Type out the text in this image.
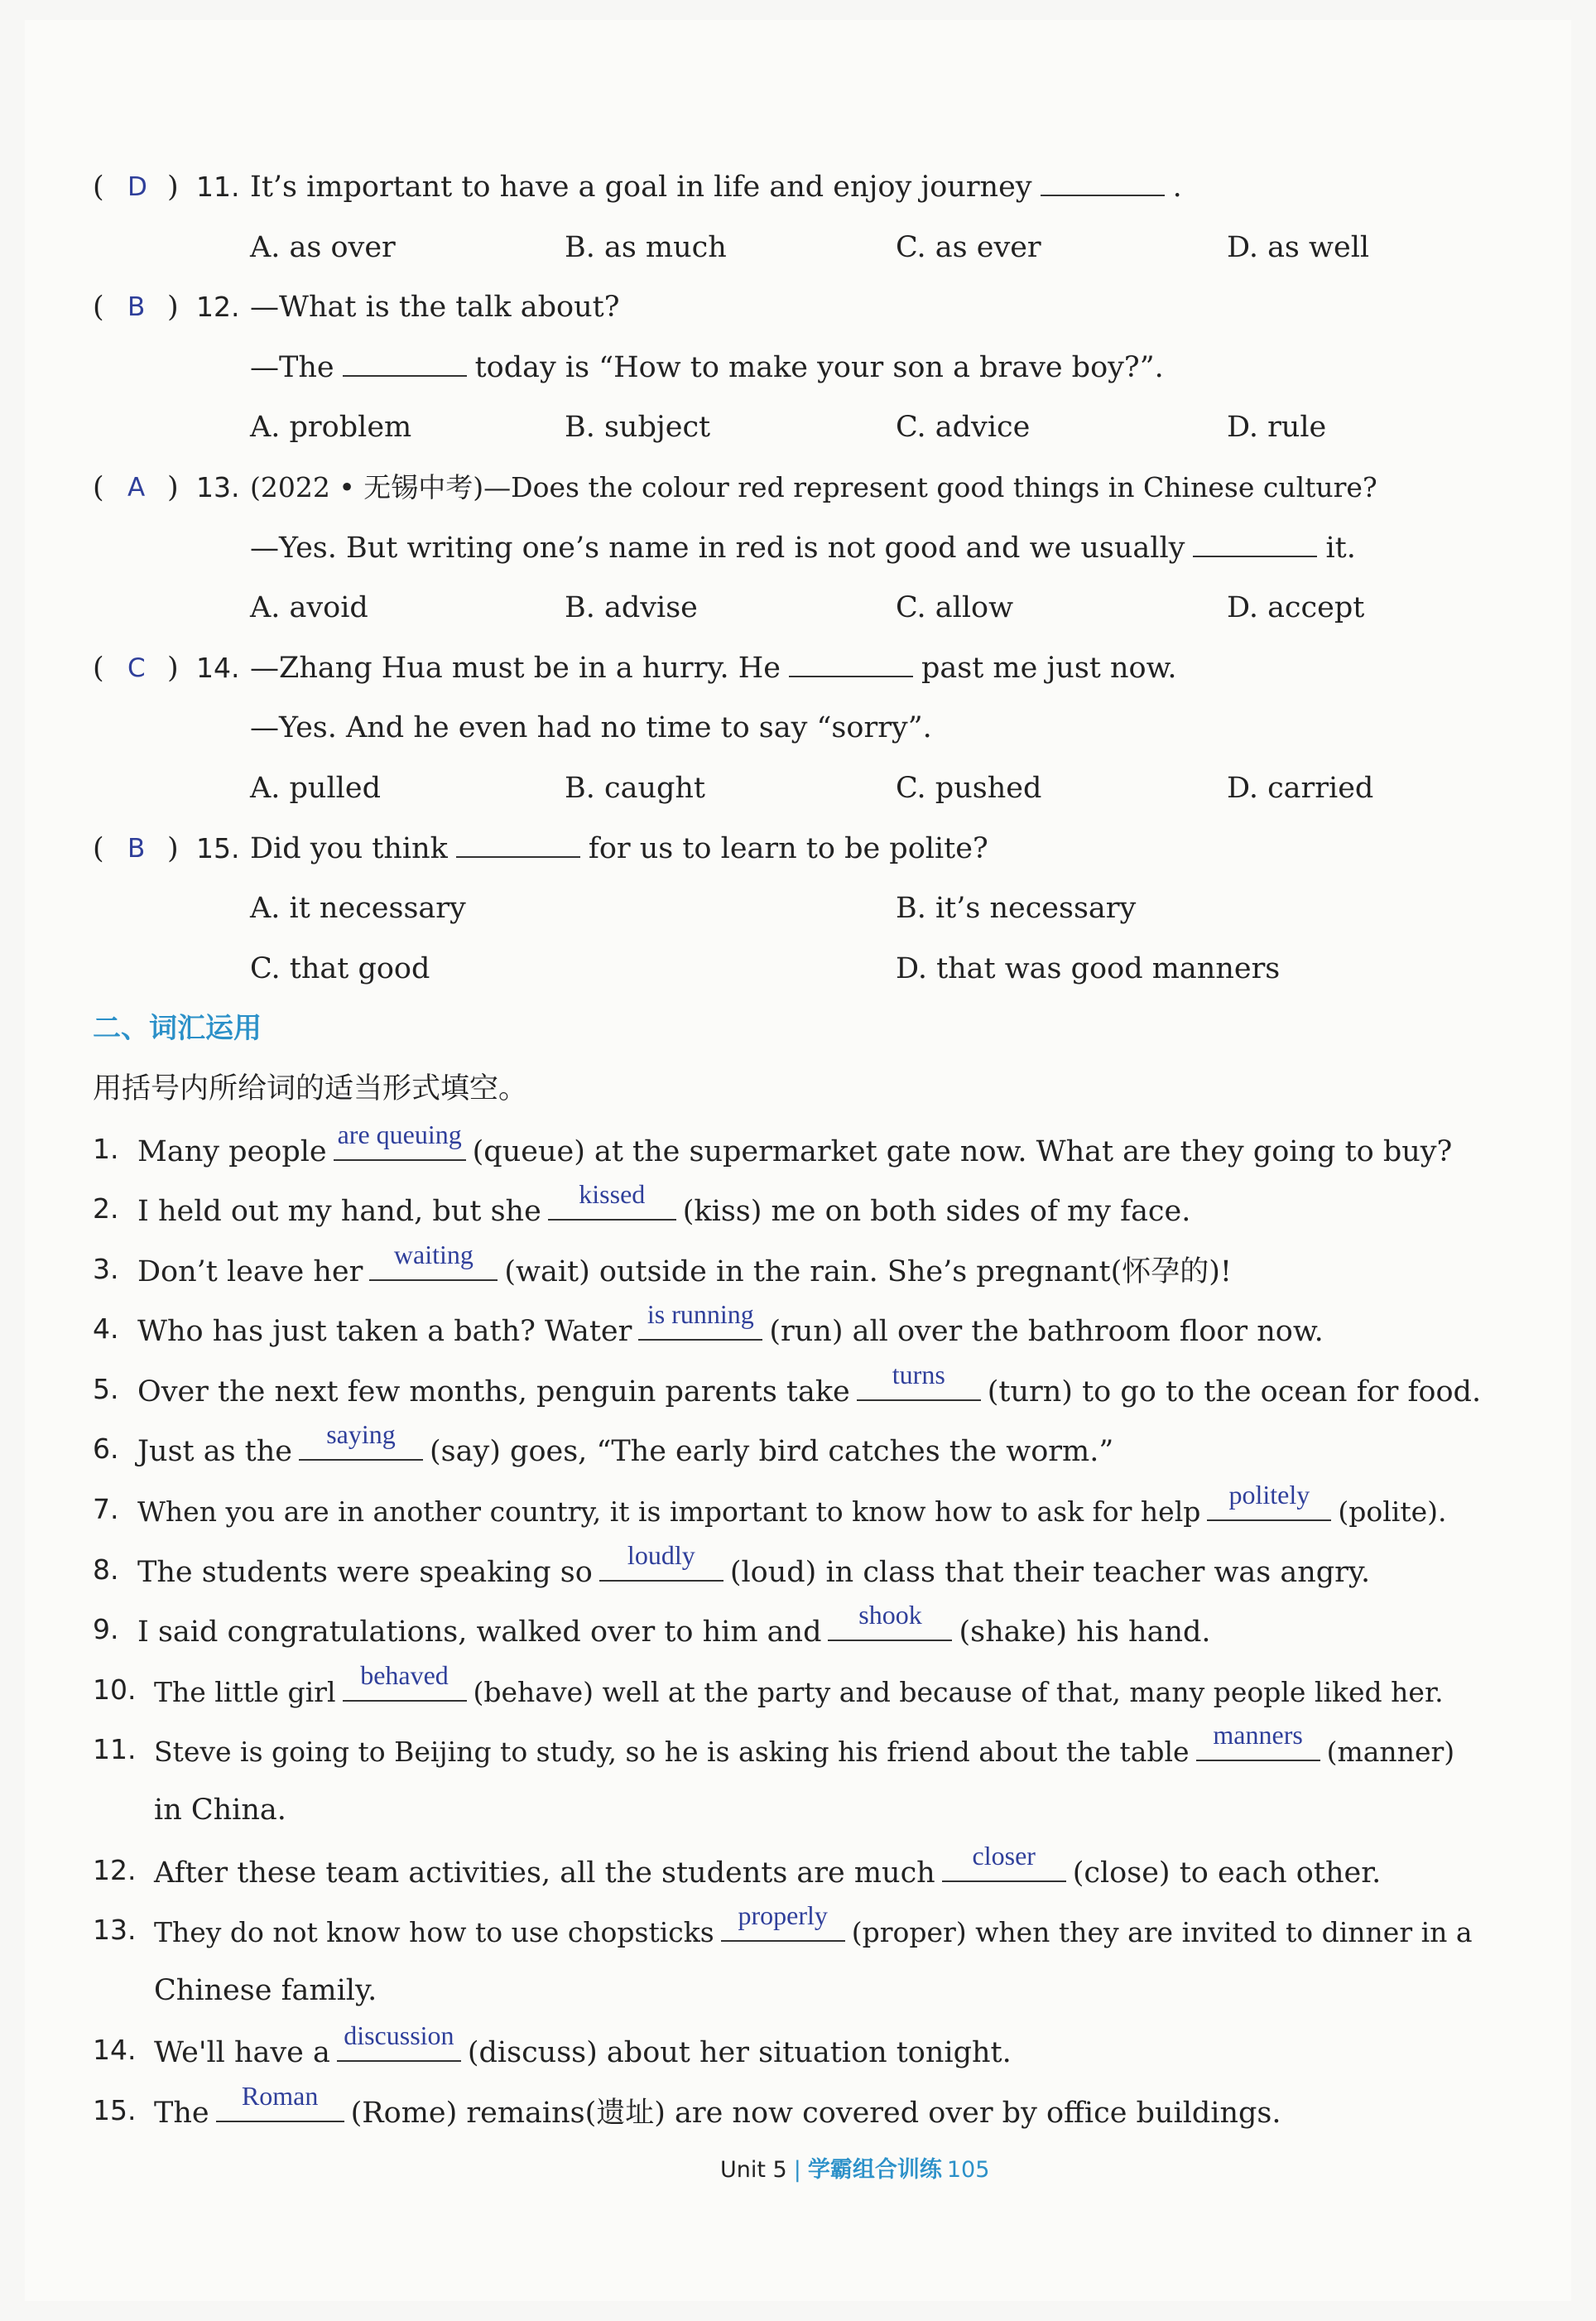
( D ) 11. It’s important to have a goal in life and enjoy journey	.
A. as over	B. as much	C. as ever	D. as well
( B ) 12. —What is the talk about?
—The	today is “How to make your son a brave boy?”.
A. problem	B. subject	C. advice	D. rule
( A ) 13. (2022 • 无锡中考)—Does the colour red represent good things in Chinese culture?
—Yes. But writing one’s name in red is not good and we usually	it.
A. avoid	B. advise	C. allow	D. accept
( C ) 14. —Zhang Hua must be in a hurry. He	past me just now.
—Yes. And he even had no time to say “sorry”.
A. pulled	B. caught	C. pushed	D. carried
( B ) 15. Did you think	for us to learn to be polite?
A. it necessary	B. it’s necessary
C. that good	D. that was good manners
二、词汇运用
用括号内所给词的适当形式填空。
1. Many people
are queuing
(queue) at the supermarket gate now. What are they going to buy?
2. I held out my hand, but she
kissed
(kiss) me on both sides of my face.
3. Don’t leave her
waiting
(wait) outside in the rain. She’s pregnant(怀孕的)!
4. Who has just taken a bath? Water
is running
(run) all over the bathroom floor now.
5. Over the next few months, penguin parents take
turns
(turn) to go to the ocean for food.
6. Just as the
saying
(say) goes, “The early bird catches the worm.”
7. When you are in another country, it is important to know how to ask for help
politely
(polite).
8. The students were speaking so
loudly
(loud) in class that their teacher was angry.
9. I said congratulations, walked over to him and
shook
(shake) his hand.
10. The little girl
behaved
(behave) well at the party and because of that, many people liked her.
11. Steve is going to Beijing to study, so he is asking his friend about the table
manners
(manner)
in China.
12. After these team activities, all the students are much
closer
(close) to each other.
13. They do not know how to use chopsticks
properly
(proper) when they are invited to dinner in a
Chinese family.
14. We'll have a
discussion
(discuss) about her situation tonight.
15. The
Roman
(Rome) remains(遗址) are now covered over by office buildings.
Unit 5 | 学霸组合训练 105
